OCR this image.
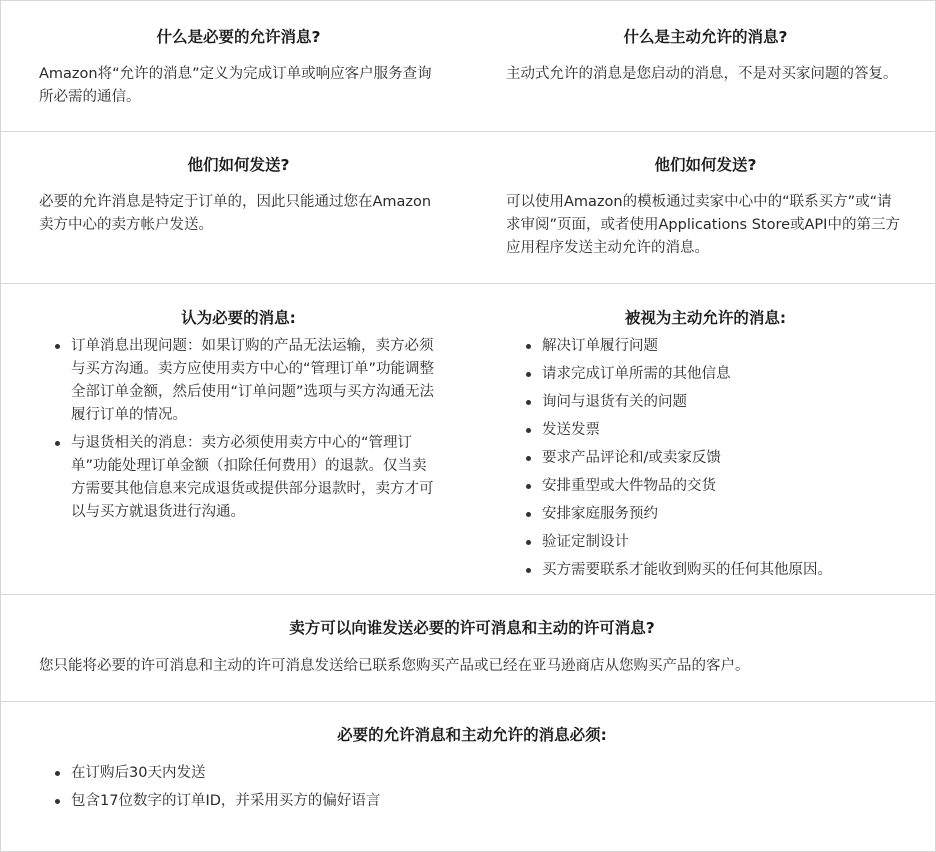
什么是必要的允许消息?

Amazon将“允许的消息”定义为完成订单或响应客户服务查询所必需的通信。

什么是主动允许的消息?

主动式允许的消息是您启动的消息，不是对买家问题的答复。

他们如何发送?

必要的允许消息是特定于订单的，因此只能通过您在Amazon卖方中心的卖方帐户发送。

他们如何发送?

可以使用Amazon的模板通过卖家中心中的“联系买方”或“请求审阅”页面，或者使用Applications Store或API中的第三方应用程序发送主动允许的消息。

认为必要的消息:

订单消息出现问题：如果订购的产品无法运输，卖方必须与买方沟通。卖方应使用卖方中心的“管理订单”功能调整全部订单金额，然后使用“订单问题”选项与买方沟通无法履行订单的情况。
与退货相关的消息：卖方必须使用卖方中心的“管理订单”功能处理订单金额（扣除任何费用）的退款。仅当卖方需要其他信息来完成退货或提供部分退款时，卖方才可以与买方就退货进行沟通。

被视为主动允许的消息:

解决订单履行问题
请求完成订单所需的其他信息
询问与退货有关的问题
发送发票
要求产品评论和/或卖家反馈
安排重型或大件物品的交货
安排家庭服务预约
验证定制设计
买方需要联系才能收到购买的任何其他原因。

卖方可以向谁发送必要的许可消息和主动的许可消息?

您只能将必要的许可消息和主动的许可消息发送给已联系您购买产品或已经在亚马逊商店从您购买产品的客户。

必要的允许消息和主动允许的消息必须:

在订购后30天内发送
包含17位数字的订单ID，并采用买方的偏好语言
